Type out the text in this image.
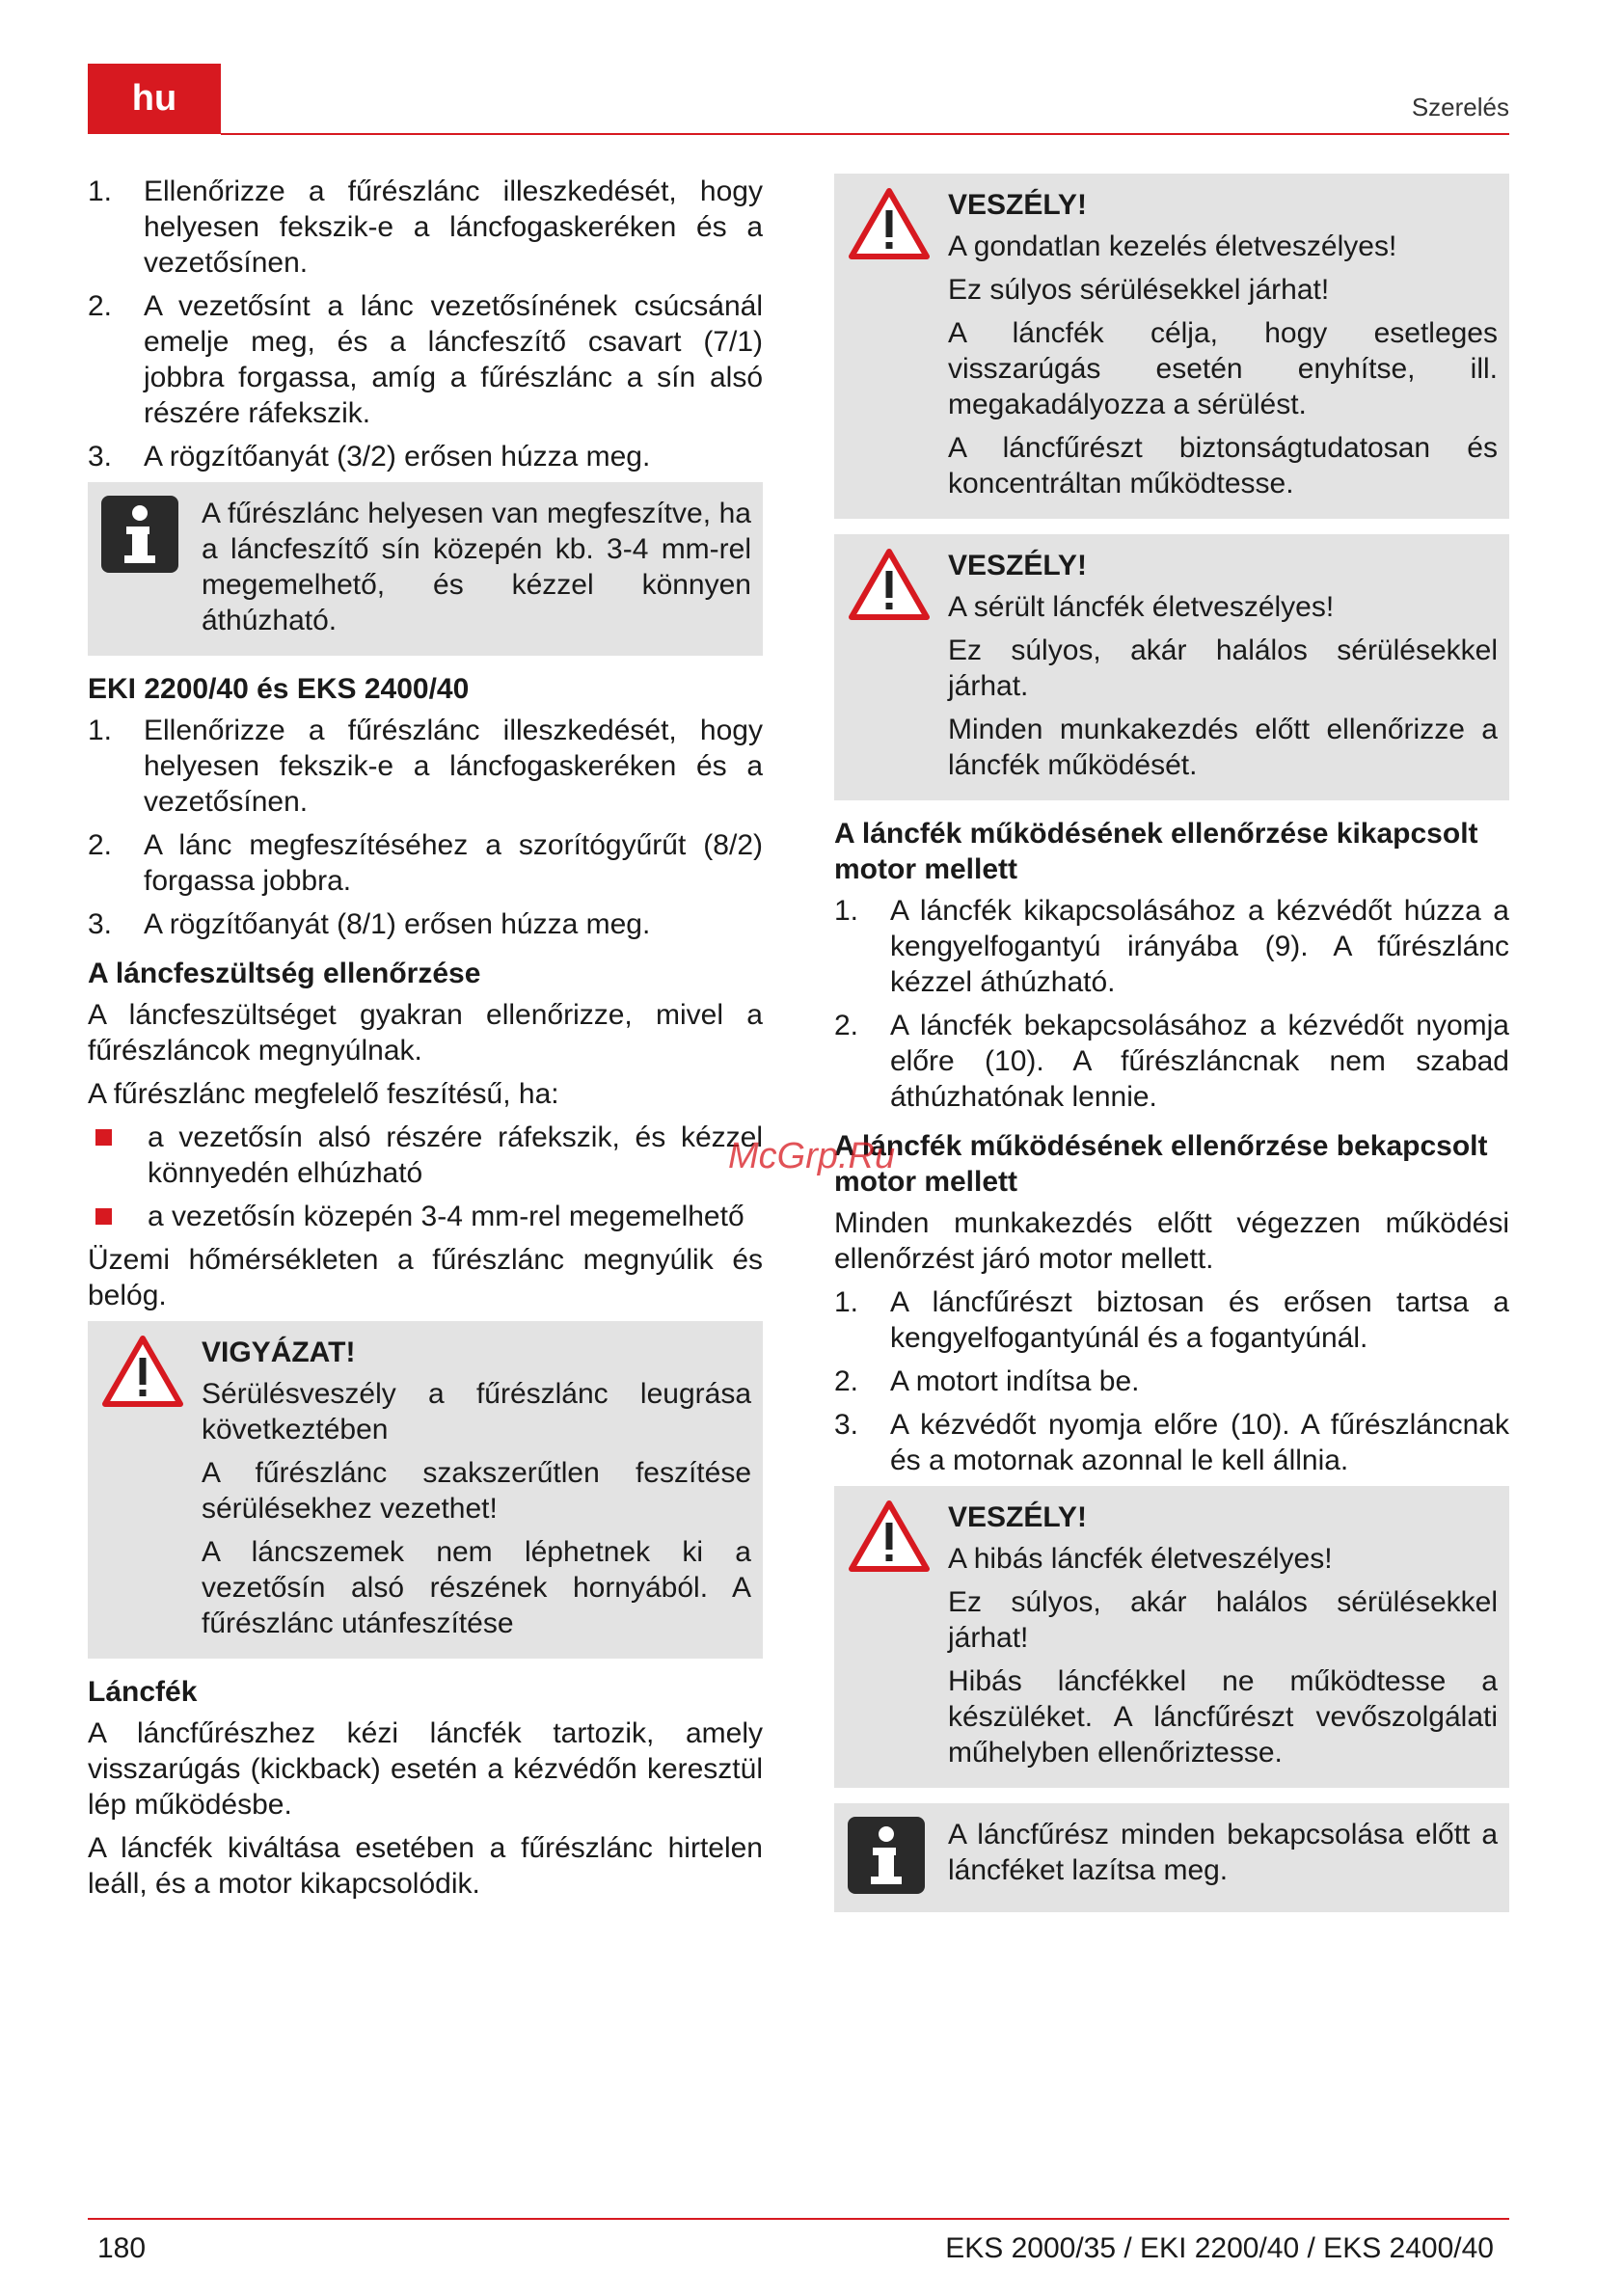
hu	Szerelés
1.	Ellenőrizze a fűrészlánc illeszkedését, hogy helyesen fekszik-e a láncfogaskeréken és a vezetősínen.
2.	A vezetősínt a lánc vezetősínének csúcsánál emelje meg, és a láncfeszítő csavart (7/1) jobbra forgassa, amíg a fűrészlánc a sín alsó részére ráfekszik.
3.	A rögzítőanyát (3/2) erősen húzza meg.
A fűrészlánc helyesen van megfeszítve, ha a láncfeszítő sín közepén kb. 3-4 mm-rel megemelhető, és kézzel könnyen áthúzható.
EKI 2200/40 és EKS 2400/40
1.	Ellenőrizze a fűrészlánc illeszkedését, hogy helyesen fekszik-e a láncfogaskeréken és a vezetősínen.
2.	A lánc megfeszítéséhez a szorítógyűrűt (8/2) forgassa jobbra.
3.	A rögzítőanyát (8/1) erősen húzza meg.
A láncfeszültség ellenőrzése
A láncfeszültséget gyakran ellenőrizze, mivel a fűrészláncok megnyúlnak.
A fűrészlánc megfelelő feszítésű, ha:
a vezetősín alsó részére ráfekszik, és kézzel könnyedén elhúzható
a vezetősín közepén 3-4 mm-rel megemelhető
Üzemi hőmérsékleten a fűrészlánc megnyúlik és belóg.
VIGYÁZAT!
Sérülésveszély a fűrészlánc leugrása következtében
A fűrészlánc szakszerűtlen feszítése sérülésekhez vezethet!
A láncszemek nem léphetnek ki a vezetősín alsó részének hornyából. A fűrészlánc utánfeszítése
Láncfék
A láncfűrészhez kézi láncfék tartozik, amely visszarúgás (kickback) esetén a kézvédőn keresztül lép működésbe.
A láncfék kiváltása esetében a fűrészlánc hirtelen leáll, és a motor kikapcsolódik.
VESZÉLY!
A gondatlan kezelés életveszélyes!
Ez súlyos sérülésekkel járhat!
A láncfék célja, hogy esetleges visszarúgás esetén enyhítse, ill. megakadályozza a sérülést.
A láncfűrészt biztonságtudatosan és koncentráltan működtesse.
VESZÉLY!
A sérült láncfék életveszélyes!
Ez súlyos, akár halálos sérülésekkel járhat.
Minden munkakezdés előtt ellenőrizze a láncfék működését.
A láncfék működésének ellenőrzése kikapcsolt motor mellett
1.	A láncfék kikapcsolásához a kézvédőt húzza a kengyelfogantyú irányába (9). A fűrészlánc kézzel áthúzható.
2.	A láncfék bekapcsolásához a kézvédőt nyomja előre (10). A fűrészláncnak nem szabad áthúzhatónak lennie.
A láncfék működésének ellenőrzése bekapcsolt motor mellett
Minden munkakezdés előtt végezzen működési ellenőrzést járó motor mellett.
1.	A láncfűrészt biztosan és erősen tartsa a kengyelfogantyúnál és a fogantyúnál.
2.	A motort indítsa be.
3.	A kézvédőt nyomja előre (10). A fűrészláncnak és a motornak azonnal le kell állnia.
VESZÉLY!
A hibás láncfék életveszélyes!
Ez súlyos, akár halálos sérülésekkel járhat!
Hibás láncfékkel ne működtesse a készüléket. A láncfűrészt vevőszolgálati műhelyben ellenőriztesse.
A láncfűrész minden bekapcsolása előtt a láncféket lazítsa meg.
McGrp.Ru
180	EKS 2000/35 / EKI 2200/40 / EKS 2400/40
